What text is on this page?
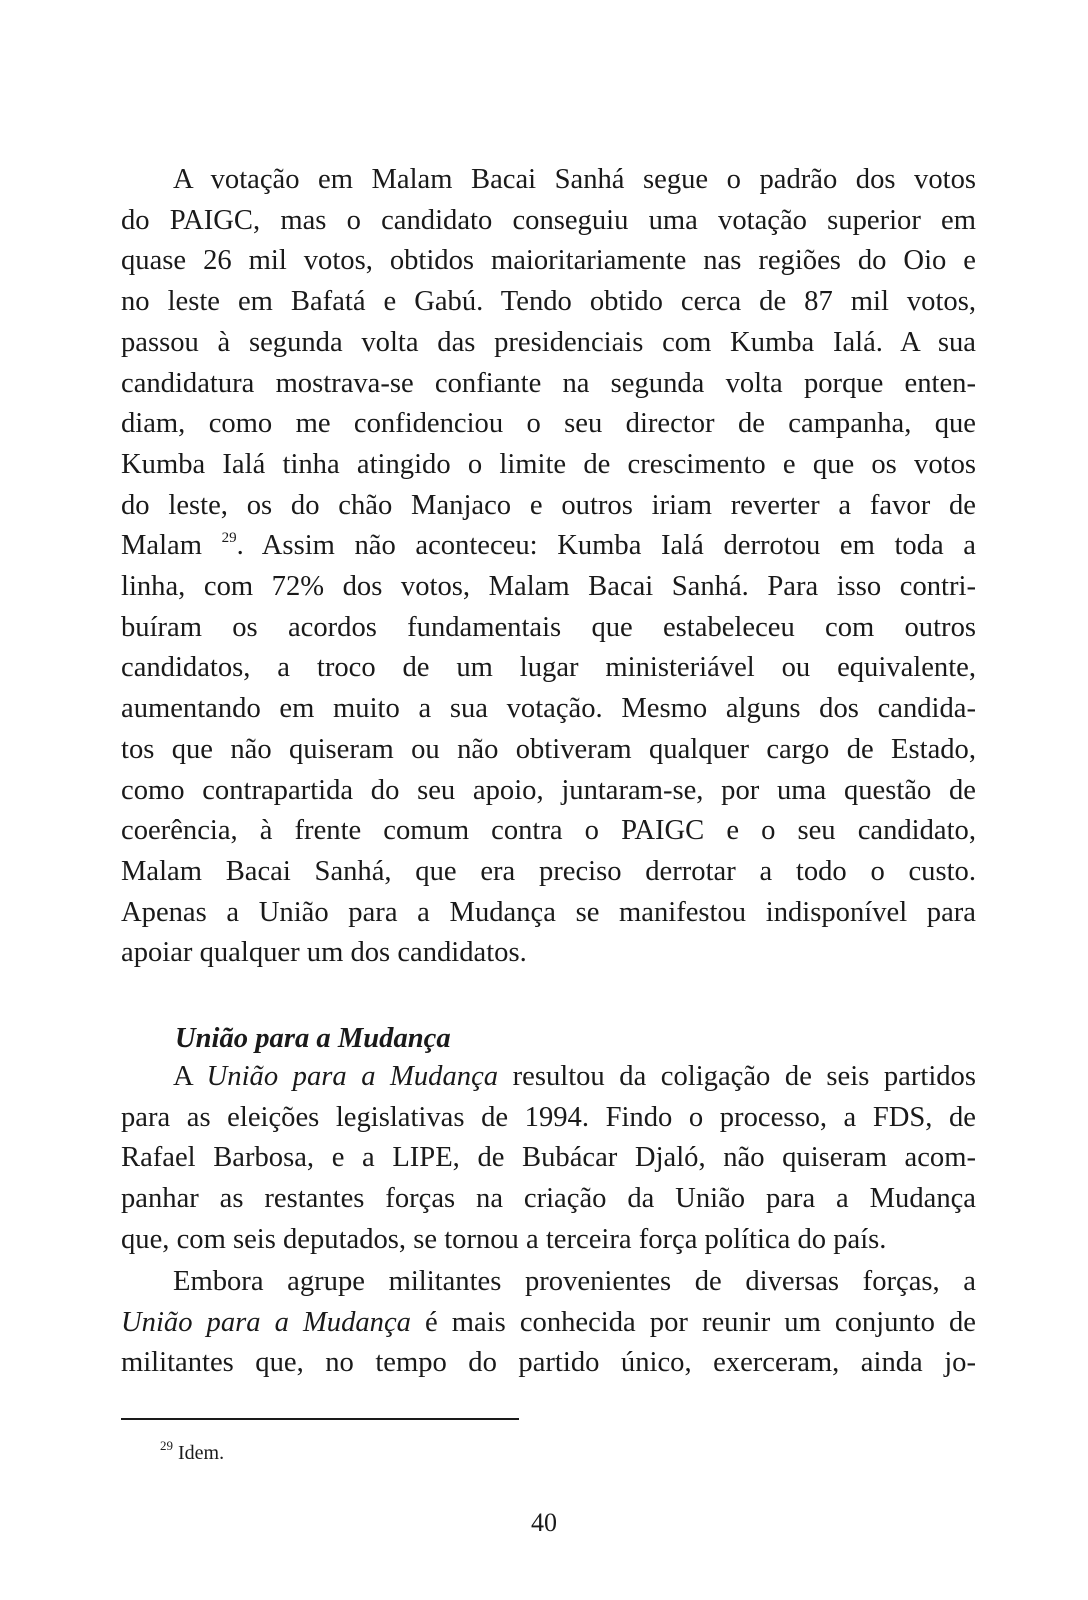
A votação em Malam Bacai Sanhá segue o padrão dos votos
do PAIGC, mas o candidato conseguiu uma votação superior em
quase 26 mil votos, obtidos maioritariamente nas regiões do Oio e
no leste em Bafatá e Gabú. Tendo obtido cerca de 87 mil votos,
passou à segunda volta das presidenciais com Kumba Ialá. A sua
candidatura mostrava-se confiante na segunda volta porque enten-
diam, como me confidenciou o seu director de campanha, que
Kumba Ialá tinha atingido o limite de crescimento e que os votos
do leste, os do chão Manjaco e outros iriam reverter a favor de
Malam $^{29}$. Assim não aconteceu: Kumba Ialá derrotou em toda a
linha, com 72% dos votos, Malam Bacai Sanhá. Para isso contri-
buíram os acordos fundamentais que estabeleceu com outros
candidatos, a troco de um lugar ministeriável ou equivalente,
aumentando em muito a sua votação. Mesmo alguns dos candida-
tos que não quiseram ou não obtiveram qualquer cargo de Estado,
como contrapartida do seu apoio, juntaram-se, por uma questão de
coerência, à frente comum contra o PAIGC e o seu candidato,
Malam Bacai Sanhá, que era preciso derrotar a todo o custo.
Apenas a União para a Mudança se manifestou indisponível para
apoiar qualquer um dos candidatos.
União para a Mudança
A União para a Mudança resultou da coligação de seis partidos
para as eleições legislativas de 1994. Findo o processo, a FDS, de
Rafael Barbosa, e a LIPE, de Bubácar Djaló, não quiseram acom-
panhar as restantes forças na criação da União para a Mudança
que, com seis deputados, se tornou a terceira força política do país.
Embora agrupe militantes provenientes de diversas forças, a
União para a Mudança é mais conhecida por reunir um conjunto de
militantes que, no tempo do partido único, exerceram, ainda jo-

$^{29}$ Idem.

40
